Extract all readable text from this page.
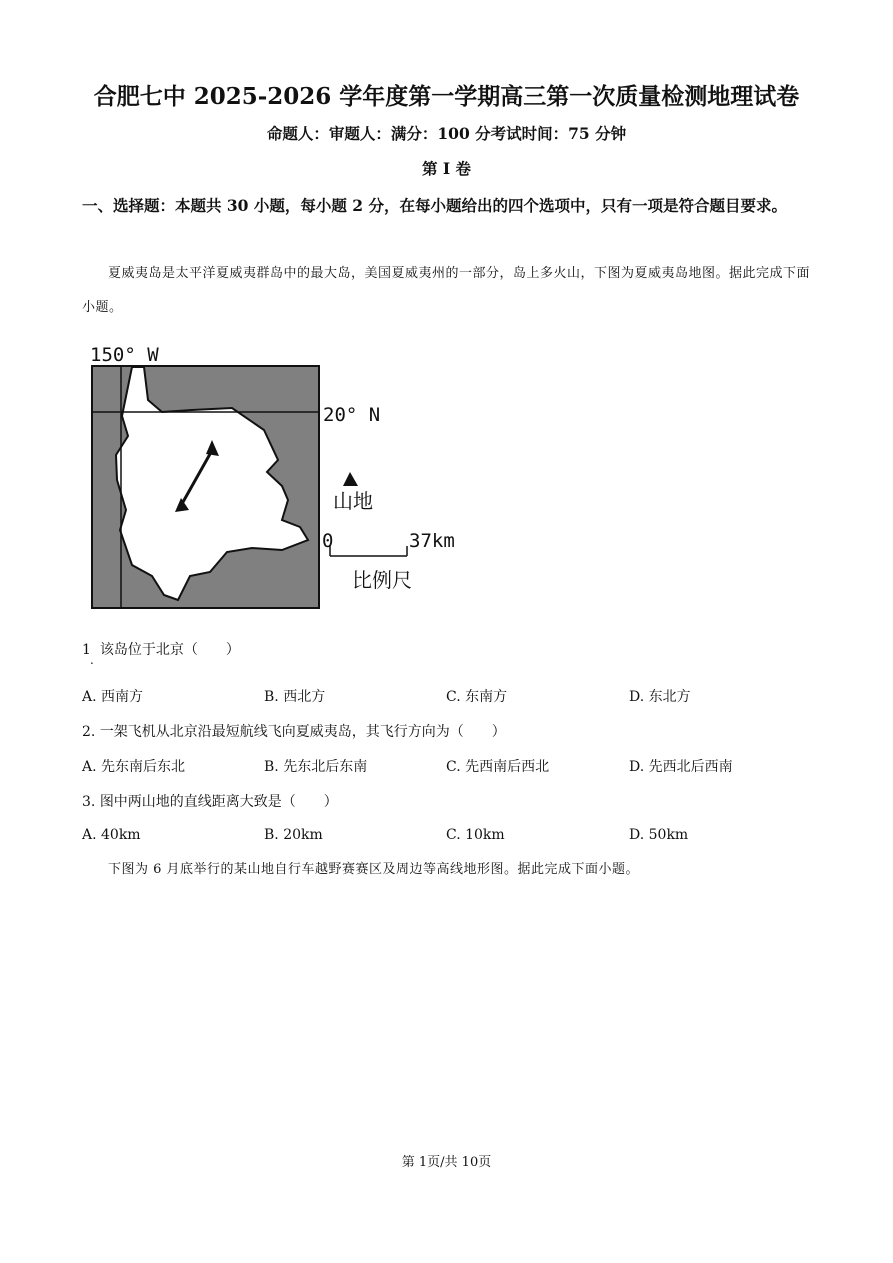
合肥七中 2025-2026 学年度第一学期高三第一次质量检测地理试卷
命题人：审题人：满分：100 分考试时间：75 分钟
第 I 卷
一、选择题：本题共 30 小题，每小题 2 分，在每小题给出的四个选项中，只有一项是符合题目要求。
夏威夷岛是太平洋夏威夷群岛中的最大岛，美国夏威夷州的一部分，岛上多火山，下图为夏威夷岛地图。据此完成下面小题。
150° W
20° N
山地
0	37km
比例尺
1 该岛位于北京（　　）
.
A. 西南方	B. 西北方	C. 东南方	D. 东北方
2. 一架飞机从北京沿最短航线飞向夏威夷岛，其飞行方向为（　　）
A. 先东南后东北	B. 先东北后东南	C. 先西南后西北	D. 先西北后西南
3. 图中两山地的直线距离大致是（　　）
A. 40km	B. 20km	C. 10km	D. 50km
下图为 6 月底举行的某山地自行车越野赛赛区及周边等高线地形图。据此完成下面小题。
第 1页/共 10页
